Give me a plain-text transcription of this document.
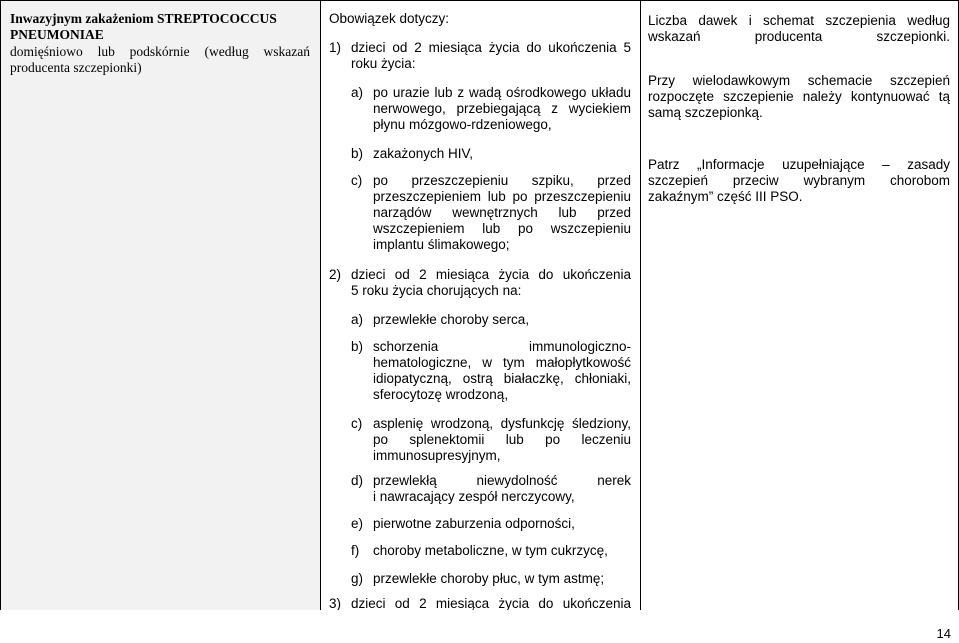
Inwazyjnym zakażeniom STREPTOCOCCUS
PNEUMONIAE
domięśniowo lub podskórnie (według wskazań
producenta szczepionki)
Obowiązek dotyczy:
1) dzieci od 2 miesiąca życia do ukończenia 5
roku życia:
a) po urazie lub z wadą ośrodkowego układu
nerwowego, przebiegającą z wyciekiem
płynu mózgowo-rdzeniowego,
b) zakażonych HIV,
c) po przeszczepieniu szpiku, przed
przeszczepieniem lub po przeszczepieniu
narządów wewnętrznych lub przed
wszczepieniem lub po wszczepieniu
implantu ślimakowego;
2) dzieci od 2 miesiąca życia do ukończenia
5 roku życia chorujących na:
a) przewlekłe choroby serca,
b) schorzenia immunologiczno-
hematologiczne, w tym małopłytkowość
idiopatyczną, ostrą białaczkę, chłoniaki,
sferocytozę wrodzoną,
c) asplenię wrodzoną, dysfunkcję śledziony,
po splenektomii lub po leczeniu
immunosupresyjnym,
d) przewlekłą niewydolność nerek
i nawracający zespół nerczycowy,
e) pierwotne zaburzenia odporności,
f) choroby metaboliczne, w tym cukrzycę,
g) przewlekłe choroby płuc, w tym astmę;
3) dzieci od 2 miesiąca życia do ukończenia
Liczba dawek i schemat szczepienia według
wskazań producenta szczepionki.
Przy wielodawkowym schemacie szczepień
rozpoczęte szczepienie należy kontynuować tą
samą szczepionką.
Patrz „Informacje uzupełniające – zasady
szczepień przeciw wybranym chorobom
zakaźnym” część III PSO.
14
